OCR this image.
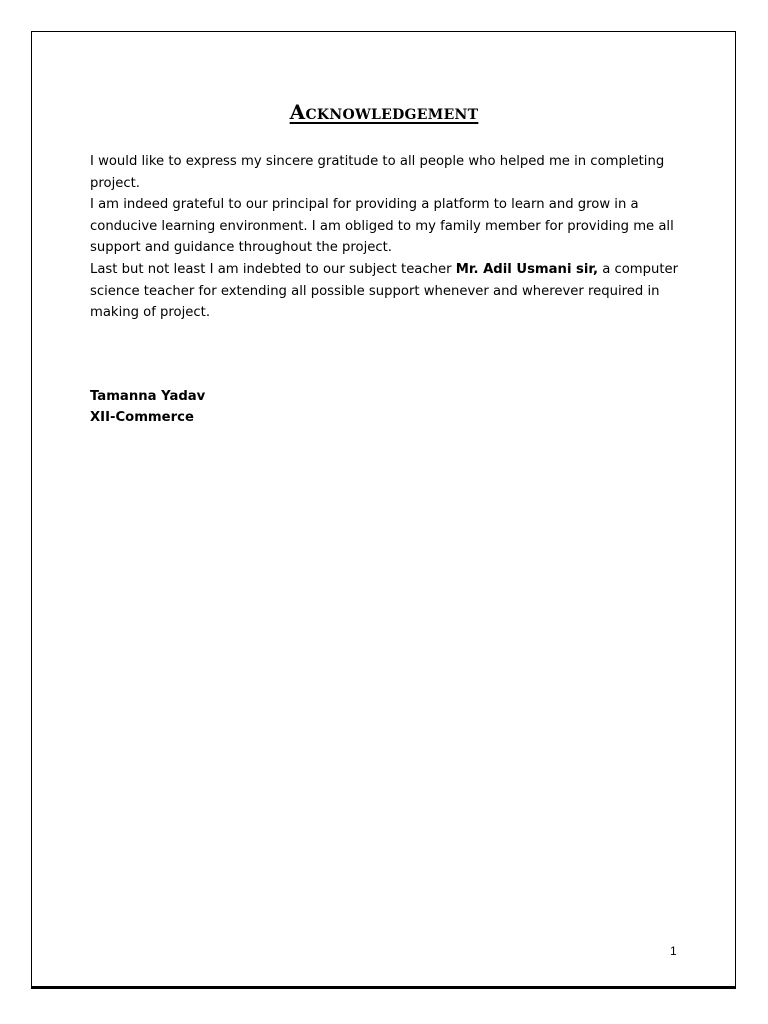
Acknowledgement

I would like to express my sincere gratitude to all people who helped me in completing project.

I am indeed grateful to our principal for providing a platform to learn and grow in a conducive learning environment. I am obliged to my family member for providing me all support and guidance throughout the project.

Last but not least I am indebted to our subject teacher Mr. Adil Usmani sir, a computer science teacher for extending all possible support whenever and wherever required in making of project.

Tamanna Yadav
XII-Commerce
1
